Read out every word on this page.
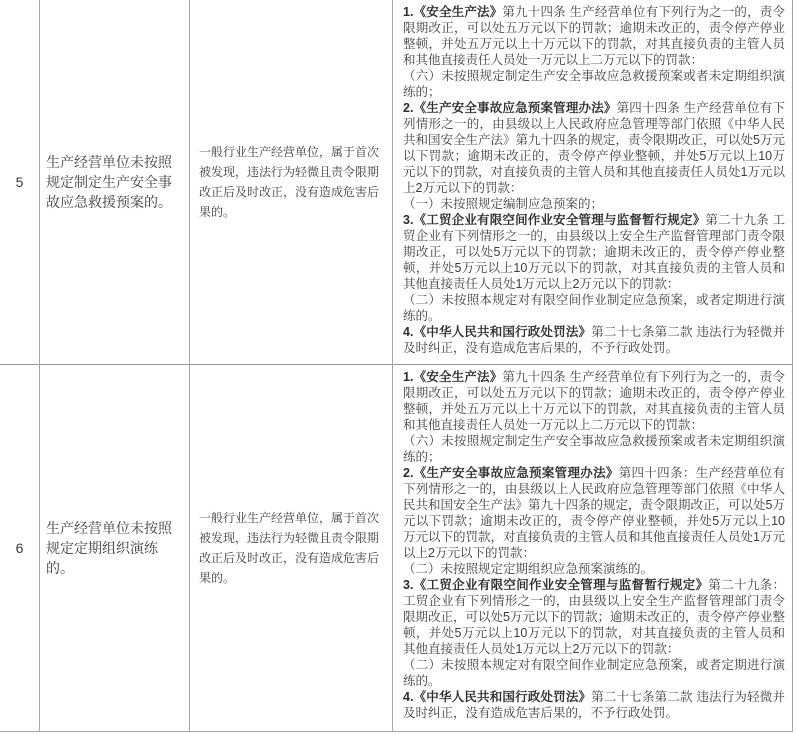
5

生产经营单位未按照规定制定生产安全事故应急救援预案的。

一般行业生产经营单位，属于首次被发现，违法行为轻微且责令限期改正后及时改正，没有造成危害后果的。

1.《安全生产法》第九十四条 生产经营单位有下列行为之一的，责令限期改正，可以处五万元以下的罚款；逾期未改正的，责令停产停业整顿，并处五万元以上十万元以下的罚款，对其直接负责的主管人员和其他直接责任人员处一万元以上二万元以下的罚款：

（六）未按照规定制定生产安全事故应急救援预案或者未定期组织演练的；

2.《生产安全事故应急预案管理办法》第四十四条 生产经营单位有下列情形之一的，由县级以上人民政府应急管理等部门依照《中华人民共和国安全生产法》第九十四条的规定，责令限期改正，可以处5万元以下罚款；逾期未改正的，责令停产停业整顿，并处5万元以上10万元以下的罚款，对直接负责的主管人员和其他直接责任人员处1万元以上2万元以下的罚款：

（一）未按照规定编制应急预案的；

3.《工贸企业有限空间作业安全管理与监督暂行规定》第二十九条 工贸企业有下列情形之一的，由县级以上安全生产监督管理部门责令限期改正，可以处5万元以下的罚款；逾期未改正的，责令停产停业整顿，并处5万元以上10万元以下的罚款，对其直接负责的主管人员和其他直接责任人员处1万元以上2万元以下的罚款：

（二）未按照本规定对有限空间作业制定应急预案，或者定期进行演练的。

4.《中华人民共和国行政处罚法》第二十七条第二款 违法行为轻微并及时纠正，没有造成危害后果的，不予行政处罚。

6

生产经营单位未按照规定定期组织演练的。

一般行业生产经营单位，属于首次被发现，违法行为轻微且责令限期改正后及时改正，没有造成危害后果的。

1.《安全生产法》第九十四条 生产经营单位有下列行为之一的，责令限期改正，可以处五万元以下的罚款；逾期未改正的，责令停产停业整顿，并处五万元以上十万元以下的罚款，对其直接负责的主管人员和其他直接责任人员处一万元以上二万元以下的罚款：

（六）未按照规定制定生产安全事故应急救援预案或者未定期组织演练的；

2.《生产安全事故应急预案管理办法》第四十四条：生产经营单位有下列情形之一的，由县级以上人民政府应急管理等部门依照《中华人民共和国安全生产法》第九十四条的规定，责令限期改正，可以处5万元以下罚款；逾期未改正的，责令停产停业整顿，并处5万元以上10万元以下的罚款，对直接负责的主管人员和其他直接责任人员处1万元以上2万元以下的罚款：

（二）未按照规定定期组织应急预案演练的。

3.《工贸企业有限空间作业安全管理与监督暂行规定》第二十九条：工贸企业有下列情形之一的，由县级以上安全生产监督管理部门责令限期改正，可以处5万元以下的罚款；逾期未改正的，责令停产停业整顿，并处5万元以上10万元以下的罚款，对其直接负责的主管人员和其他直接责任人员处1万元以上2万元以下的罚款：

（二）未按照本规定对有限空间作业制定应急预案，或者定期进行演练的。

4.《中华人民共和国行政处罚法》第二十七条第二款 违法行为轻微并及时纠正，没有造成危害后果的，不予行政处罚。
